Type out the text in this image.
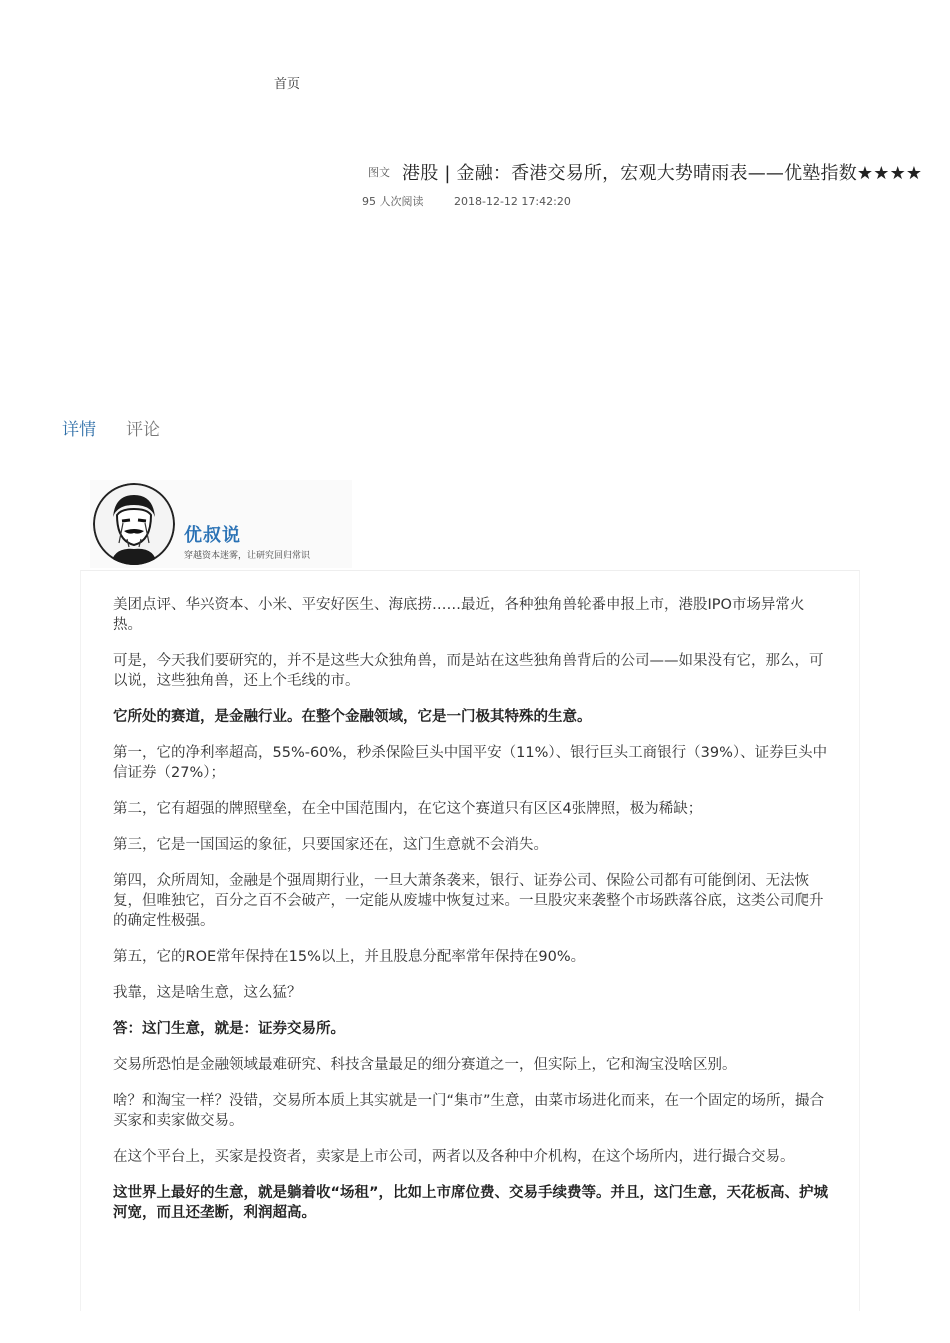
首页
图文 港股 | 金融：香港交易所，宏观大势晴雨表——优塾指数★★★★
95 人次阅读	2018-12-12 17:42:20
详情 评论
优叔说
穿越资本迷雾，让研究回归常识

美团点评、华兴资本、小米、平安好医生、海底捞……最近，各种独角兽轮番申报上市，港股IPO市场异常火热。

可是，今天我们要研究的，并不是这些大众独角兽，而是站在这些独角兽背后的公司——如果没有它，那么，可以说，这些独角兽，还上个毛线的市。

它所处的赛道，是金融行业。在整个金融领域，它是一门极其特殊的生意。

第一，它的净利率超高，55%-60%，秒杀保险巨头中国平安（11%）、银行巨头工商银行（39%）、证券巨头中信证券（27%）；

第二，它有超强的牌照壁垒，在全中国范围内，在它这个赛道只有区区4张牌照，极为稀缺；

第三，它是一国国运的象征，只要国家还在，这门生意就不会消失。

第四，众所周知，金融是个强周期行业，一旦大萧条袭来，银行、证券公司、保险公司都有可能倒闭、无法恢复，但唯独它，百分之百不会破产，一定能从废墟中恢复过来。一旦股灾来袭整个市场跌落谷底，这类公司爬升的确定性极强。

第五，它的ROE常年保持在15%以上，并且股息分配率常年保持在90%。

我靠，这是啥生意，这么猛？

答：这门生意，就是：证券交易所。

交易所恐怕是金融领域最难研究、科技含量最足的细分赛道之一，但实际上，它和淘宝没啥区别。

啥？和淘宝一样？没错，交易所本质上其实就是一门“集市”生意，由菜市场进化而来，在一个固定的场所，撮合买家和卖家做交易。

在这个平台上，买家是投资者，卖家是上市公司，两者以及各种中介机构，在这个场所内，进行撮合交易。

这世界上最好的生意，就是躺着收“场租”，比如上市席位费、交易手续费等。并且，这门生意，天花板高、护城河宽，而且还垄断，利润超高。
